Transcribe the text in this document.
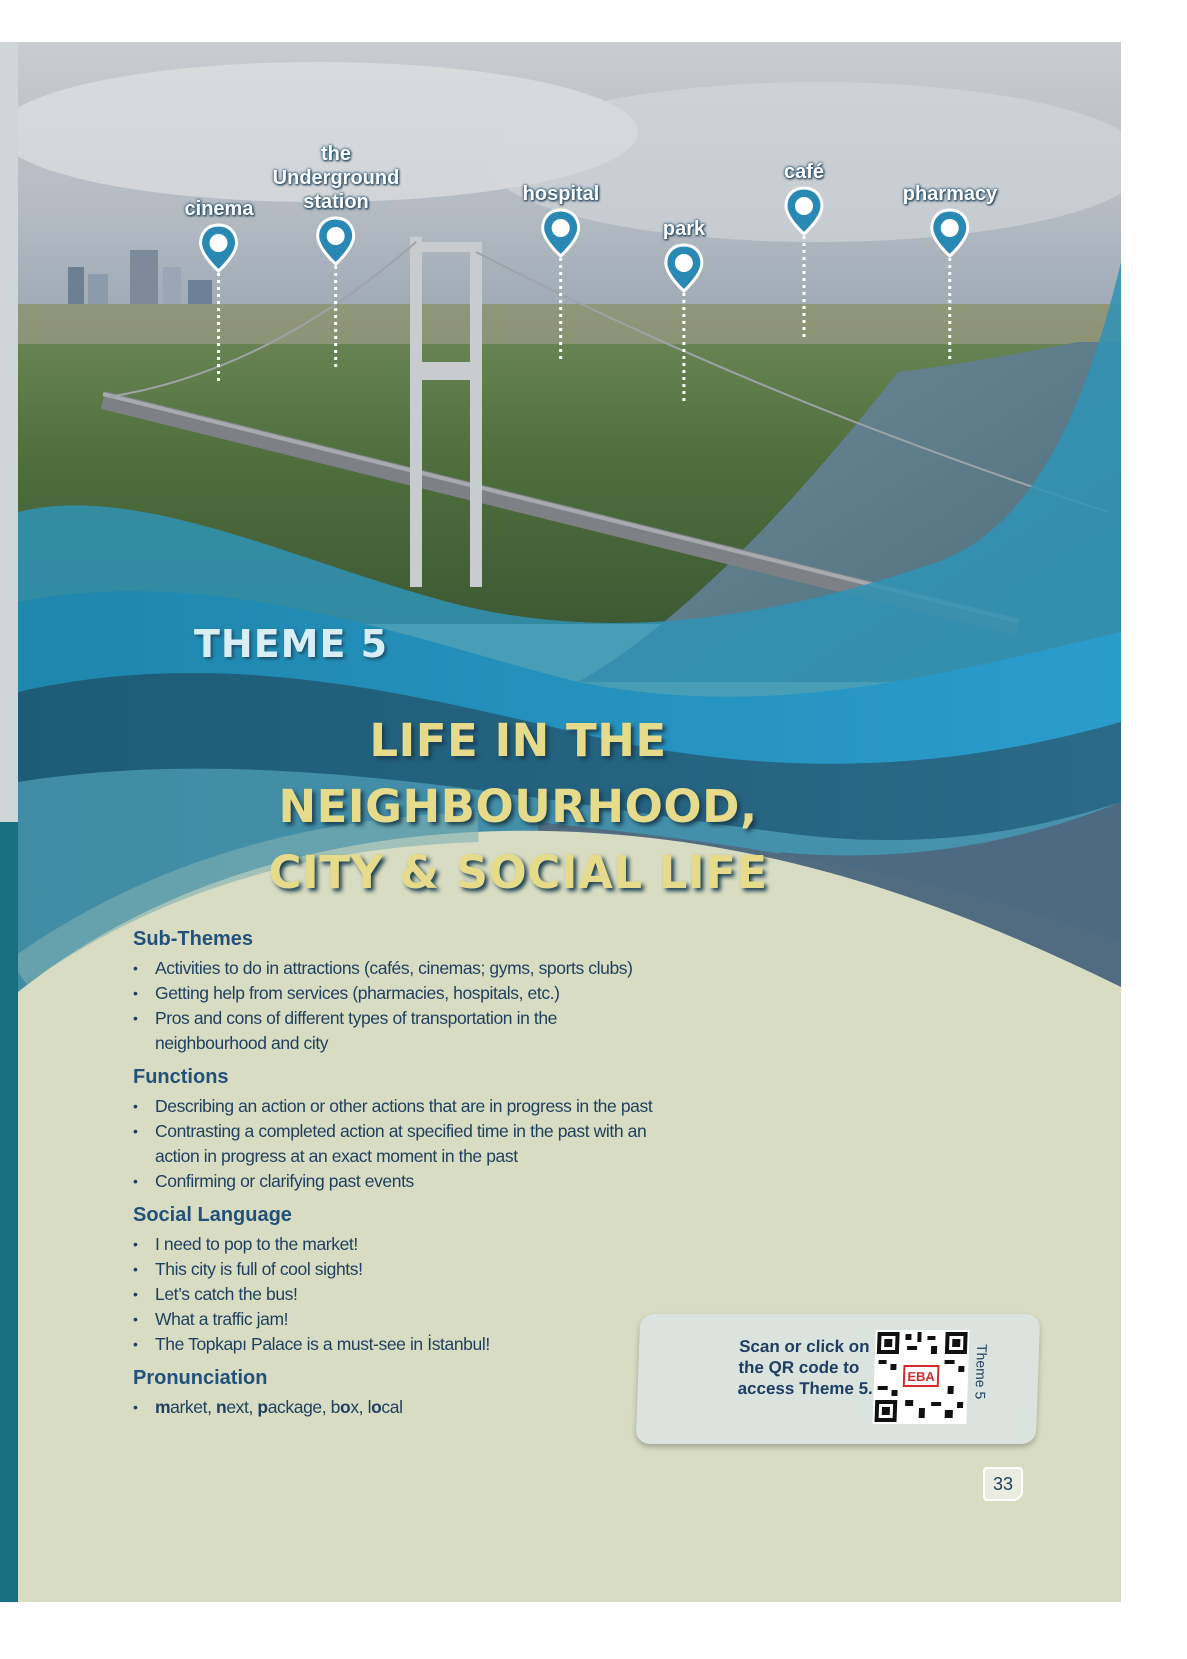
cinema
the
Underground
station	hospital
park
café
pharmacy
THEME 5
LIFE IN THE NEIGHBOURHOOD,
CITY & SOCIAL LIFE
Sub-Themes
• Activities to do in attractions (cafés, cinemas; gyms, sports clubs)
• Getting help from services (pharmacies, hospitals, etc.)
• Pros and cons of different types of transportation in the neighbourhood and city
Functions
• Describing an action or other actions that are in progress in the past
• Contrasting a completed action at specified time in the past with an action in progress at an exact moment in the past
• Confirming or clarifying past events
Social Language
• I need to pop to the market!
• This city is full of cool sights!
• Let’s catch the bus!
• What a traffic jam!
• The Topkapı Palace is a must-see in İstanbul!
Pronunciation
• market, next, package, box, local
Scan or click on the QR code to access Theme 5.
EBA	Theme 5
33
